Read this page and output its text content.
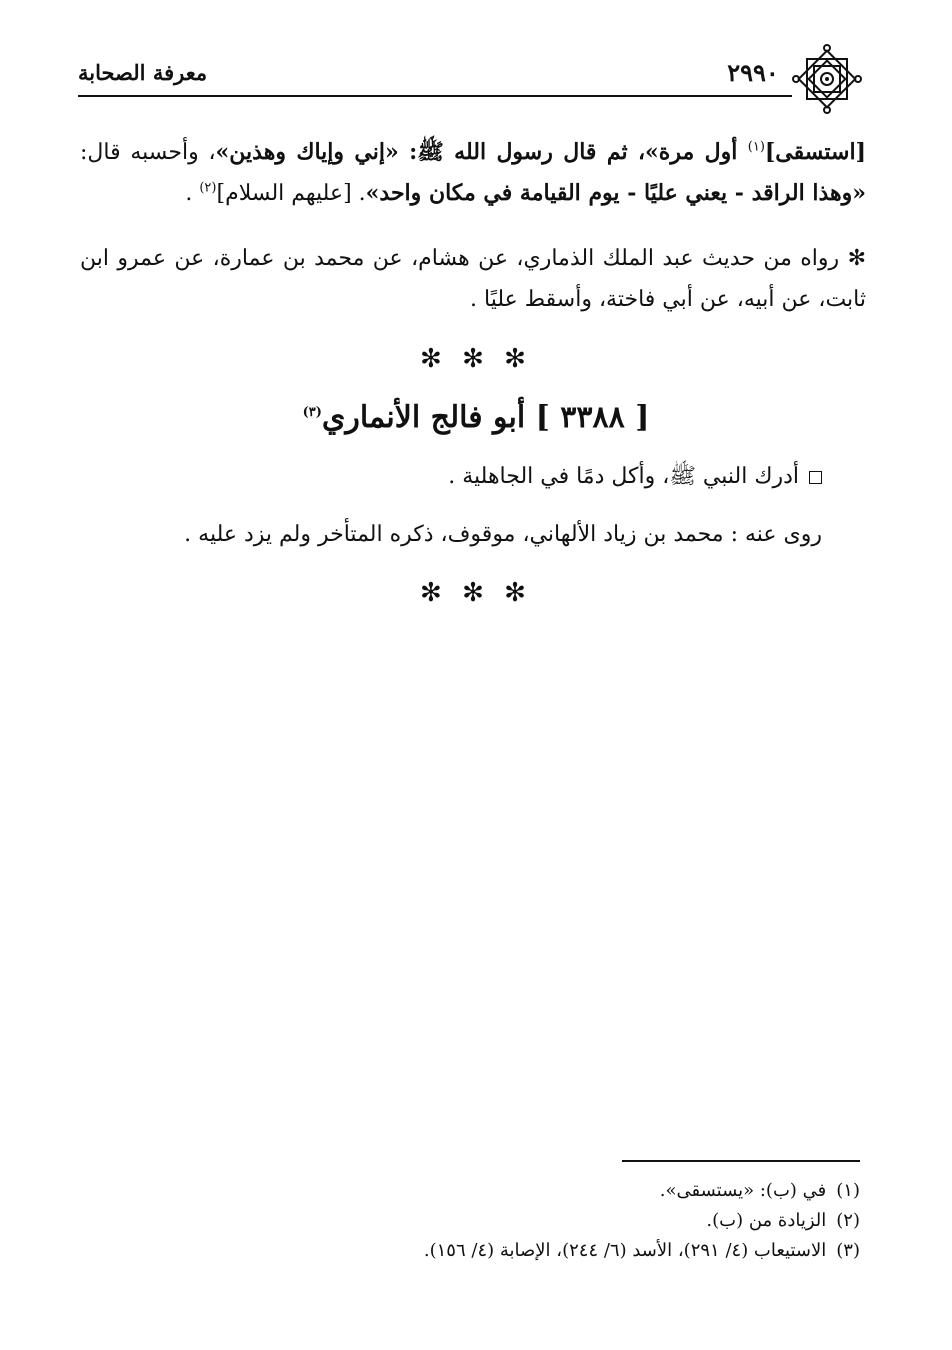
معرفة الصحابة	٢٩٩٠
[استسقى]$^{(١)}$ أول مرة»، ثم قال رسول الله ﷺ: «إني وإياك وهذين»، وأحسبه قال: «وهذا الراقد - يعني عليًا - يوم القيامة في مكان واحد». [عليهم السلام]$^{(٢)}$ .
✻ رواه من حديث عبد الملك الذماري، عن هشام، عن محمد بن عمارة، عن عمرو ابن ثابت، عن أبيه، عن أبي فاختة، وأسقط عليًا .
✻ ✻ ✻
[ ٣٣٨٨ ] أبو فالج الأنماري$^{(٣)}$
أدرك النبي ﷺ، وأكل دمًا في الجاهلية .
روى عنه : محمد بن زياد الألهاني، موقوف، ذكره المتأخر ولم يزد عليه .
✻ ✻ ✻
(١)في (ب): «يستسقى».
(٢)الزيادة من (ب).
(٣)الاستيعاب (٤/ ٢٩١)، الأسد (٦/ ٢٤٤)، الإصابة (٤/ ١٥٦).
